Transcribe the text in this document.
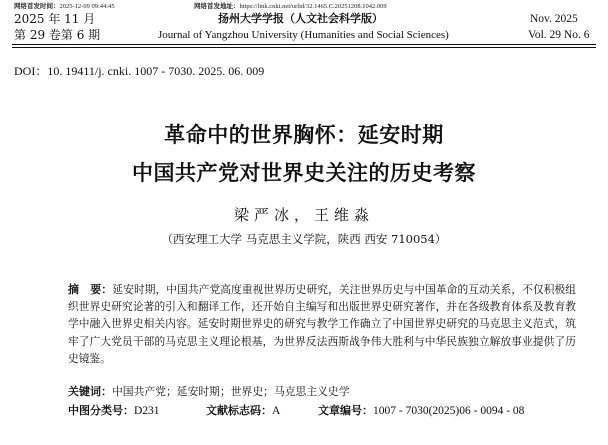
网络首发时间：2025-12-09 09:44:45	网络首发地址：https://link.cnki.net/urlid/32.1465.C.20251208.1042.009
2025 年 11 月	扬州大学学报（人文社会科学版）	Nov. 2025
第 29 卷第 6 期	Journal of Yangzhou University (Humanities and Social Sciences)	Vol. 29 No. 6
DOI：10. 19411/j. cnki. 1007 - 7030. 2025. 06. 009
革命中的世界胸怀：延安时期
中国共产党对世界史关注的历史考察
梁严冰，王维淼
（西安理工大学 马克思主义学院，陕西 西安 710054）
摘　要：延安时期，中国共产党高度重视世界历史研究，关注世界历史与中国革命的互动关系，不仅积极组织世界史研究论著的引入和翻译工作，还开始自主编写和出版世界史研究著作，并在各级教育体系及教育教学中融入世界史相关内容。延安时期世界史的研究与教学工作确立了中国世界史研究的马克思主义范式，筑牢了广大党员干部的马克思主义理论根基，为世界反法西斯战争伟大胜利与中华民族独立解放事业提供了历史镜鉴。
关键词：中国共产党；延安时期；世界史；马克思主义史学
中图分类号：D231	文献标志码：A	文章编号：1007 - 7030(2025)06 - 0094 - 08
